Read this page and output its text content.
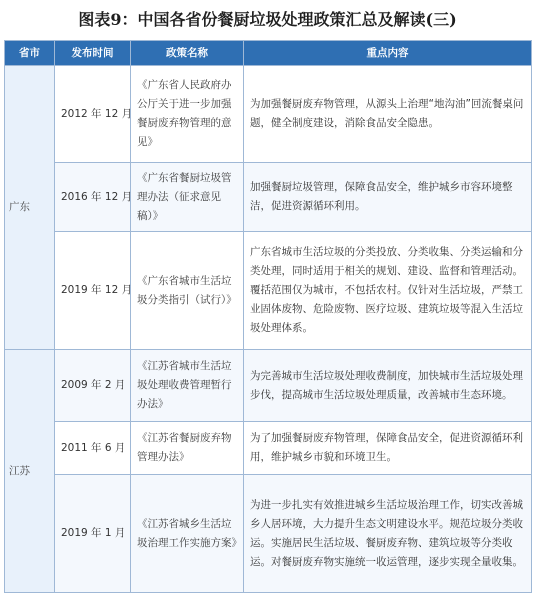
图表9：中国各省份餐厨垃圾处理政策汇总及解读(三)
省市	发布时间	政策名称	重点内容
广东	2012 年 12 月	《广东省人民政府办公厅关于进一步加强餐厨废弃物管理的意见》	为加强餐厨废弃物管理，从源头上治理“地沟油”回流餐桌问题，健全制度建设，消除食品安全隐患。
	2016 年 12 月	《广东省餐厨垃圾管理办法（征求意见稿）》	加强餐厨垃圾管理，保障食品安全，维护城乡市容环境整洁，促进资源循环利用。
	2019 年 12 月	《广东省城市生活垃圾分类指引（试行）》	广东省城市生活垃圾的分类投放、分类收集、分类运输和分类处理，同时适用于相关的规划、建设、监督和管理活动。覆括范围仅为城市，不包括农村。仅针对生活垃圾，严禁工业固体废物、危险废物、医疗垃圾、建筑垃圾等混入生活垃圾处理体系。
江苏	2009 年 2 月	《江苏省城市生活垃圾处理收费管理暂行办法》	为完善城市生活垃圾处理收费制度，加快城市生活垃圾处理步伐，提高城市生活垃圾处理质量，改善城市生态环境。
	2011 年 6 月	《江苏省餐厨废弃物管理办法》	为了加强餐厨废弃物管理，保障食品安全，促进资源循环利用，维护城乡市貌和环境卫生。
	2019 年 1 月	《江苏省城乡生活垃圾治理工作实施方案》	为进一步扎实有效推进城乡生活垃圾治理工作，切实改善城乡人居环境，大力提升生态文明建设水平。规范垃圾分类收运。实施居民生活垃圾、餐厨废弃物、建筑垃圾等分类收运。对餐厨废弃物实施统一收运管理，逐步实现全量收集。
